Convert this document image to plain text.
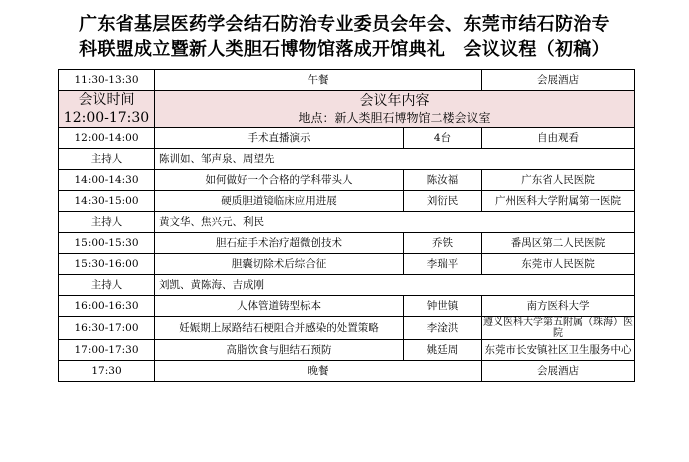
广东省基层医药学会结石防治专业委员会年会、东莞市结石防治专
科联盟成立暨新人类胆石博物馆落成开馆典礼　会议议程（初稿）
11:30-13:30	午餐		会展酒店

会议时间
12:00-17:30	会议年内容
地点：新人类胆石博物馆二楼会议室		

12:00-14:00	手术直播演示	4台	自由观看
主持人	陈训如、邹声泉、周望先		
14:00-14:30	如何做好一个合格的学科带头人	陈汝福	广东省人民医院
14:30-15:00	硬质胆道镜临床应用进展	刘衍民	广州医科大学附属第一医院
主持人	黄文华、焦兴元、利民		
15:00-15:30	胆石症手术治疗超微创技术	乔铁	番禺区第二人民医院
15:30-16:00	胆囊切除术后综合征	李瑞平	东莞市人民医院
主持人	刘凯、黄陈海、吉成刚		
16:00-16:30	人体管道铸型标本	钟世镇	南方医科大学
16:30-17:00	妊娠期上尿路结石梗阻合并感染的处置策略	李淦洪	遵义医科大学第五附属（珠海）医院
17:00-17:30	高脂饮食与胆结石预防	姚廷周	东莞市长安镇社区卫生服务中心
17:30	晚餐		会展酒店
